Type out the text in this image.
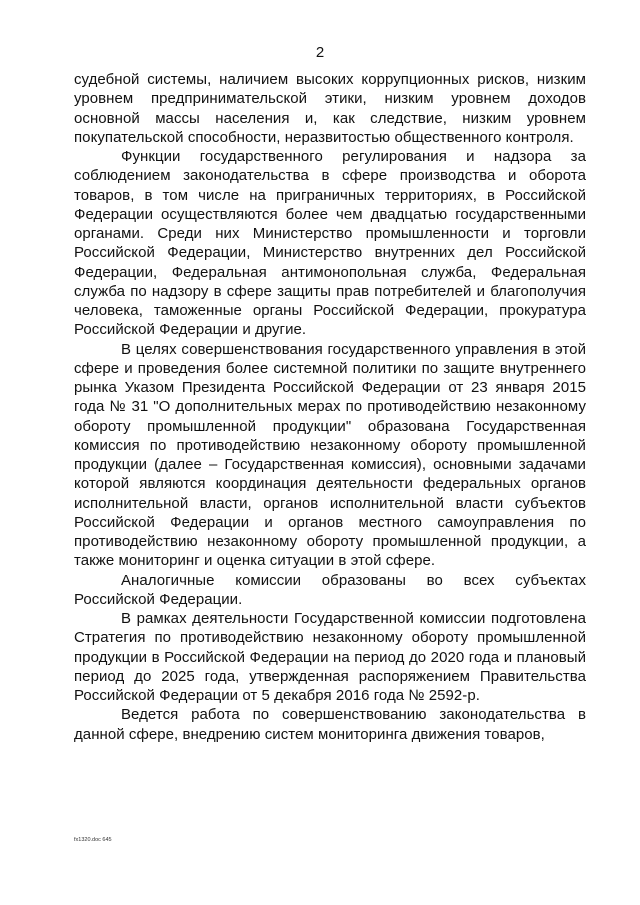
2

судебной системы, наличием высоких коррупционных рисков, низким уровнем предпринимательской этики, низким уровнем доходов основной массы населения и, как следствие, низким уровнем покупательской способности, неразвитостью общественного контроля.

Функции государственного регулирования и надзора за соблюдением законодательства в сфере производства и оборота товаров, в том числе на приграничных территориях, в Российской Федерации осуществляются более чем двадцатью государственными органами. Среди них Министерство промышленности и торговли Российской Федерации, Министерство внутренних дел Российской Федерации, Федеральная антимонопольная служба, Федеральная служба по надзору в сфере защиты прав потребителей и благополучия человека, таможенные органы Российской Федерации, прокуратура Российской Федерации и другие.

В целях совершенствования государственного управления в этой сфере и проведения более системной политики по защите внутреннего рынка Указом Президента Российской Федерации от 23 января 2015 года № 31 "О дополнительных мерах по противодействию незаконному обороту промышленной продукции" образована Государственная комиссия по противодействию незаконному обороту промышленной продукции (далее – Государственная комиссия), основными задачами которой являются координация деятельности федеральных органов исполнительной власти, органов исполнительной власти субъектов Российской Федерации и органов местного самоуправления по противодействию незаконному обороту промышленной продукции, а также мониторинг и оценка ситуации в этой сфере.

Аналогичные комиссии образованы во всех субъектах Российской Федерации.

В рамках деятельности Государственной комиссии подготовлена Стратегия по противодействию незаконному обороту промышленной продукции в Российской Федерации на период до 2020 года и плановый период до 2025 года, утвержденная распоряжением Правительства Российской Федерации от 5 декабря 2016 года № 2592-р.

Ведется работа по совершенствованию законодательства в данной сфере, внедрению систем мониторинга движения товаров,

fx1320.doc 645
